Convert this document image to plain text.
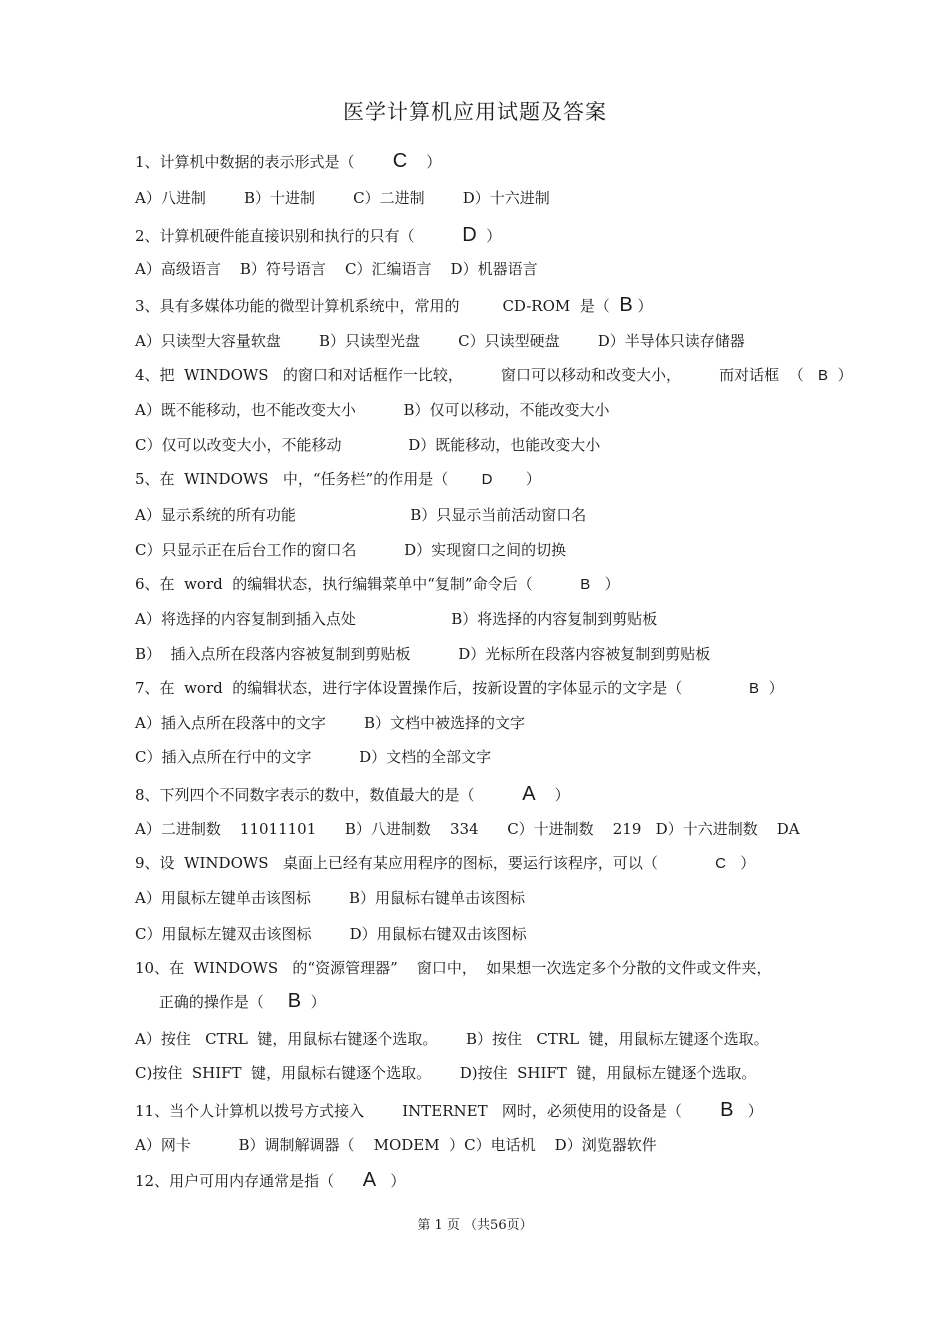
医学计算机应用试题及答案
1、计算机中数据的表示形式是（        C    ）
A）八进制        B）十进制        C）二进制        D）十六进制
2、计算机硬件能直接识别和执行的只有（          D  ）
A）高级语言    B）符号语言    C）汇编语言    D）机器语言
3、具有多媒体功能的微型计算机系统中，常用的         CD-ROM  是（  B ）
A）只读型大容量软盘        B）只读型光盘        C）只读型硬盘        D）半导体只读存储器
4、把  WINDOWS   的窗口和对话框作一比较，        窗口可以移动和改变大小，        而对话框  （   B  ）
A）既不能移动，也不能改变大小          B）仅可以移动，不能改变大小
C）仅可以改变大小，不能移动              D）既能移动，也能改变大小
5、在  WINDOWS   中，“任务栏”的作用是（       D       ）
A）显示系统的所有功能                        B）只显示当前活动窗口名
C）只显示正在后台工作的窗口名          D）实现窗口之间的切换
6、在  word  的编辑状态，执行编辑菜单中“复制”命令后（          B   ）
A）将选择的内容复制到插入点处                    B）将选择的内容复制到剪贴板
B）  插入点所在段落内容被复制到剪贴板          D）光标所在段落内容被复制到剪贴板
7、在  word  的编辑状态，进行字体设置操作后，按新设置的字体显示的文字是（              B  ）
A）插入点所在段落中的文字        B）文档中被选择的文字
C）插入点所在行中的文字          D）文档的全部文字
8、下列四个不同数字表示的数中，数值最大的是（          A    ）
A）二进制数    11011101      B）八进制数    334      C）十进制数    219   D）十六进制数    DA
9、设  WINDOWS   桌面上已经有某应用程序的图标，要运行该程序，可以（            C   ）
A）用鼠标左键单击该图标        B）用鼠标右键单击该图标
C）用鼠标左键双击该图标        D）用鼠标右键双击该图标
10、在  WINDOWS   的“资源管理器”    窗口中，  如果想一次选定多个分散的文件或文件夹，
正确的操作是（     B  ）
A）按住   CTRL  键，用鼠标右键逐个选取。      B）按住   CTRL  键，用鼠标左键逐个选取。
C)按住  SHIFT  键，用鼠标右键逐个选取。      D)按住  SHIFT  键，用鼠标左键逐个选取。
11、当个人计算机以拨号方式接入        INTERNET   网时，必须使用的设备是（        B   ）
A）网卡          B）调制解调器（    MODEM  ）C）电话机    D）浏览器软件
12、用户可用内存通常是指（      A   ）
第 1 页 （共56页）
